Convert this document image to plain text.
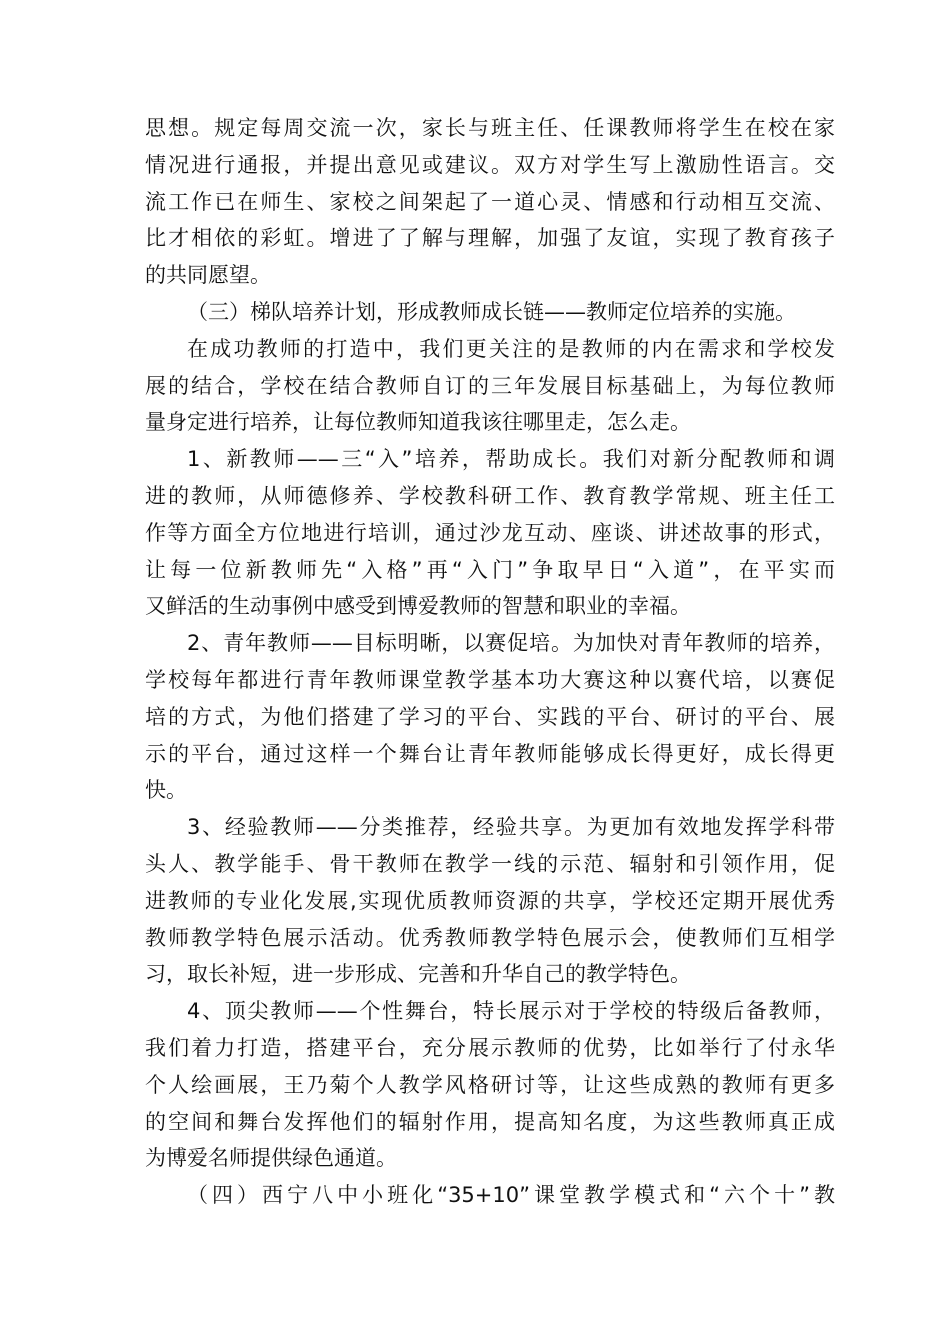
思想。规定每周交流一次，家长与班主任、任课教师将学生在校在家
情况进行通报，并提出意见或建议。双方对学生写上激励性语言。交
流工作已在师生、家校之间架起了一道心灵、情感和行动相互交流、
比才相依的彩虹。增进了了解与理解，加强了友谊，实现了教育孩子
的共同愿望。
（三）梯队培养计划，形成教师成长链——教师定位培养的实施。
在成功教师的打造中，我们更关注的是教师的内在需求和学校发
展的结合，学校在结合教师自订的三年发展目标基础上，为每位教师
量身定进行培养，让每位教师知道我该往哪里走，怎么走。
1、新教师——三“入”培养，帮助成长。我们对新分配教师和调
进的教师，从师德修养、学校教科研工作、教育教学常规、班主任工
作等方面全方位地进行培训，通过沙龙互动、座谈、讲述故事的形式，
让每一位新教师先“入格”再“入门”争取早日“入道”，在平实而
又鲜活的生动事例中感受到博爱教师的智慧和职业的幸福。
2、青年教师——目标明晰，以赛促培。为加快对青年教师的培养，
学校每年都进行青年教师课堂教学基本功大赛这种以赛代培，以赛促
培的方式，为他们搭建了学习的平台、实践的平台、研讨的平台、展
示的平台，通过这样一个舞台让青年教师能够成长得更好，成长得更
快。
3、经验教师——分类推荐，经验共享。为更加有效地发挥学科带
头人、教学能手、骨干教师在教学一线的示范、辐射和引领作用，促
进教师的专业化发展,实现优质教师资源的共享，学校还定期开展优秀
教师教学特色展示活动。优秀教师教学特色展示会，使教师们互相学
习，取长补短，进一步形成、完善和升华自己的教学特色。
4、顶尖教师——个性舞台，特长展示对于学校的特级后备教师，
我们着力打造，搭建平台，充分展示教师的优势，比如举行了付永华
个人绘画展，王乃菊个人教学风格研讨等，让这些成熟的教师有更多
的空间和舞台发挥他们的辐射作用，提高知名度，为这些教师真正成
为博爱名师提供绿色通道。
（四）西宁八中小班化“35+10”课堂教学模式和“六个十”教
